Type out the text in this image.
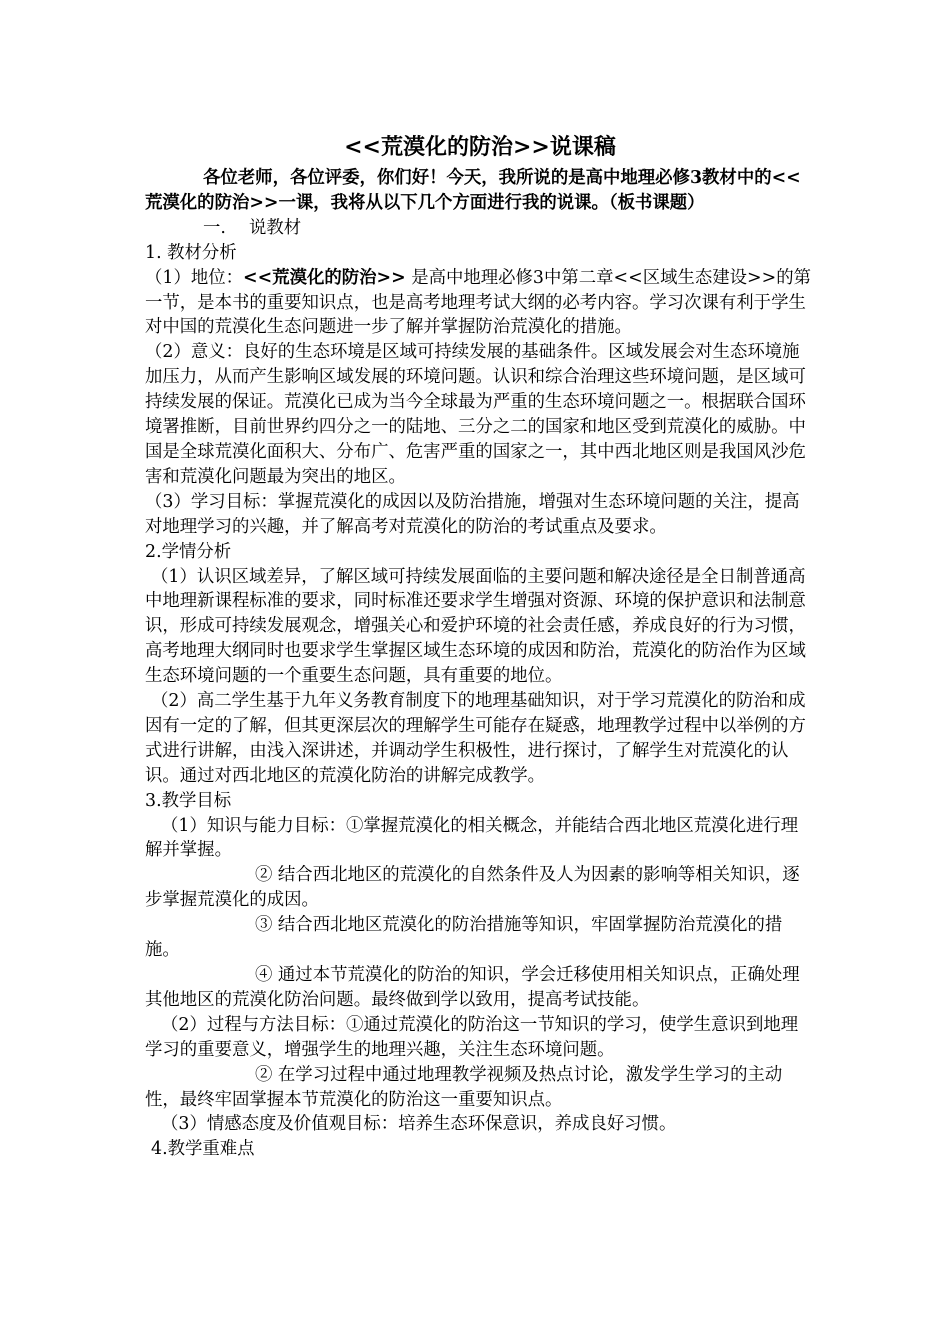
<<荒漠化的防治>>说课稿

各位老师，各位评委，你们好！今天，我所说的是高中地理必修3教材中的<<荒漠化的防治>>一课，我将从以下几个方面进行我的说课。（板书课题）

一. 说教材

1. 教材分析

（1）地位：<<荒漠化的防治>> 是高中地理必修3中第二章<<区域生态建设>>的第一节，是本书的重要知识点，也是高考地理考试大纲的必考内容。学习次课有利于学生对中国的荒漠化生态问题进一步了解并掌握防治荒漠化的措施。

（2）意义：良好的生态环境是区域可持续发展的基础条件。区域发展会对生态环境施加压力，从而产生影响区域发展的环境问题。认识和综合治理这些环境问题，是区域可持续发展的保证。荒漠化已成为当今全球最为严重的生态环境问题之一。根据联合国环境署推断，目前世界约四分之一的陆地、三分之二的国家和地区受到荒漠化的威胁。中国是全球荒漠化面积大、分布广、危害严重的国家之一，其中西北地区则是我国风沙危害和荒漠化问题最为突出的地区。

（3）学习目标：掌握荒漠化的成因以及防治措施，增强对生态环境问题的关注，提高对地理学习的兴趣，并了解高考对荒漠化的防治的考试重点及要求。

2.学情分析

（1）认识区域差异，了解区域可持续发展面临的主要问题和解决途径是全日制普通高中地理新课程标准的要求，同时标准还要求学生增强对资源、环境的保护意识和法制意识，形成可持续发展观念，增强关心和爱护环境的社会责任感，养成良好的行为习惯，高考地理大纲同时也要求学生掌握区域生态环境的成因和防治，荒漠化的防治作为区域生态环境问题的一个重要生态问题，具有重要的地位。

（2）高二学生基于九年义务教育制度下的地理基础知识，对于学习荒漠化的防治和成因有一定的了解，但其更深层次的理解学生可能存在疑惑，地理教学过程中以举例的方式进行讲解，由浅入深讲述，并调动学生积极性，进行探讨，了解学生对荒漠化的认识。通过对西北地区的荒漠化防治的讲解完成教学。

3.教学目标

（1）知识与能力目标：①掌握荒漠化的相关概念，并能结合西北地区荒漠化进行理解并掌握。

② 结合西北地区的荒漠化的自然条件及人为因素的影响等相关知识，逐步掌握荒漠化的成因。

③ 结合西北地区荒漠化的防治措施等知识，牢固掌握防治荒漠化的措施。

④ 通过本节荒漠化的防治的知识，学会迁移使用相关知识点，正确处理其他地区的荒漠化防治问题。最终做到学以致用，提高考试技能。

（2）过程与方法目标：①通过荒漠化的防治这一节知识的学习，使学生意识到地理学习的重要意义，增强学生的地理兴趣，关注生态环境问题。

② 在学习过程中通过地理教学视频及热点讨论，激发学生学习的主动性，最终牢固掌握本节荒漠化的防治这一重要知识点。

（3）情感态度及价值观目标：培养生态环保意识，养成良好习惯。

4.教学重难点
